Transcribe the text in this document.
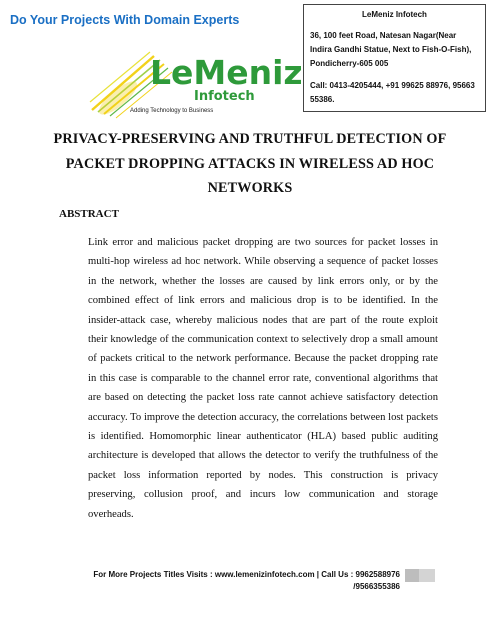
Do Your Projects With Domain Experts
LeMeniz
Infotech
Adding Technology to Business
LeMeniz Infotech
36, 100 feet Road, Natesan Nagar(Near Indira Gandhi Statue, Next to Fish-O-Fish), Pondicherry-605 005
Call: 0413-4205444, +91 99625 88976, 95663 55386.
PRIVACY-PRESERVING AND TRUTHFUL DETECTION OF PACKET DROPPING ATTACKS IN WIRELESS AD HOC NETWORKS
ABSTRACT
Link error and malicious packet dropping are two sources for packet losses in multi-hop wireless ad hoc network. While observing a sequence of packet losses in the network, whether the losses are caused by link errors only, or by the combined effect of link errors and malicious drop is to be identified. In the insider-attack case, whereby malicious nodes that are part of the route exploit their knowledge of the communication context to selectively drop a small amount of packets critical to the network performance. Because the packet dropping rate in this case is comparable to the channel error rate, conventional algorithms that are based on detecting the packet loss rate cannot achieve satisfactory detection accuracy. To improve the detection accuracy, the correlations between lost packets is identified. Homomorphic linear authenticator (HLA) based public auditing architecture is developed that allows the detector to verify the truthfulness of the packet loss information reported by nodes. This construction is privacy preserving, collusion proof, and incurs low communication and storage overheads.
For More Projects Titles Visits : www.lemenizinfotech.com | Call Us : 9962588976
/9566355386
